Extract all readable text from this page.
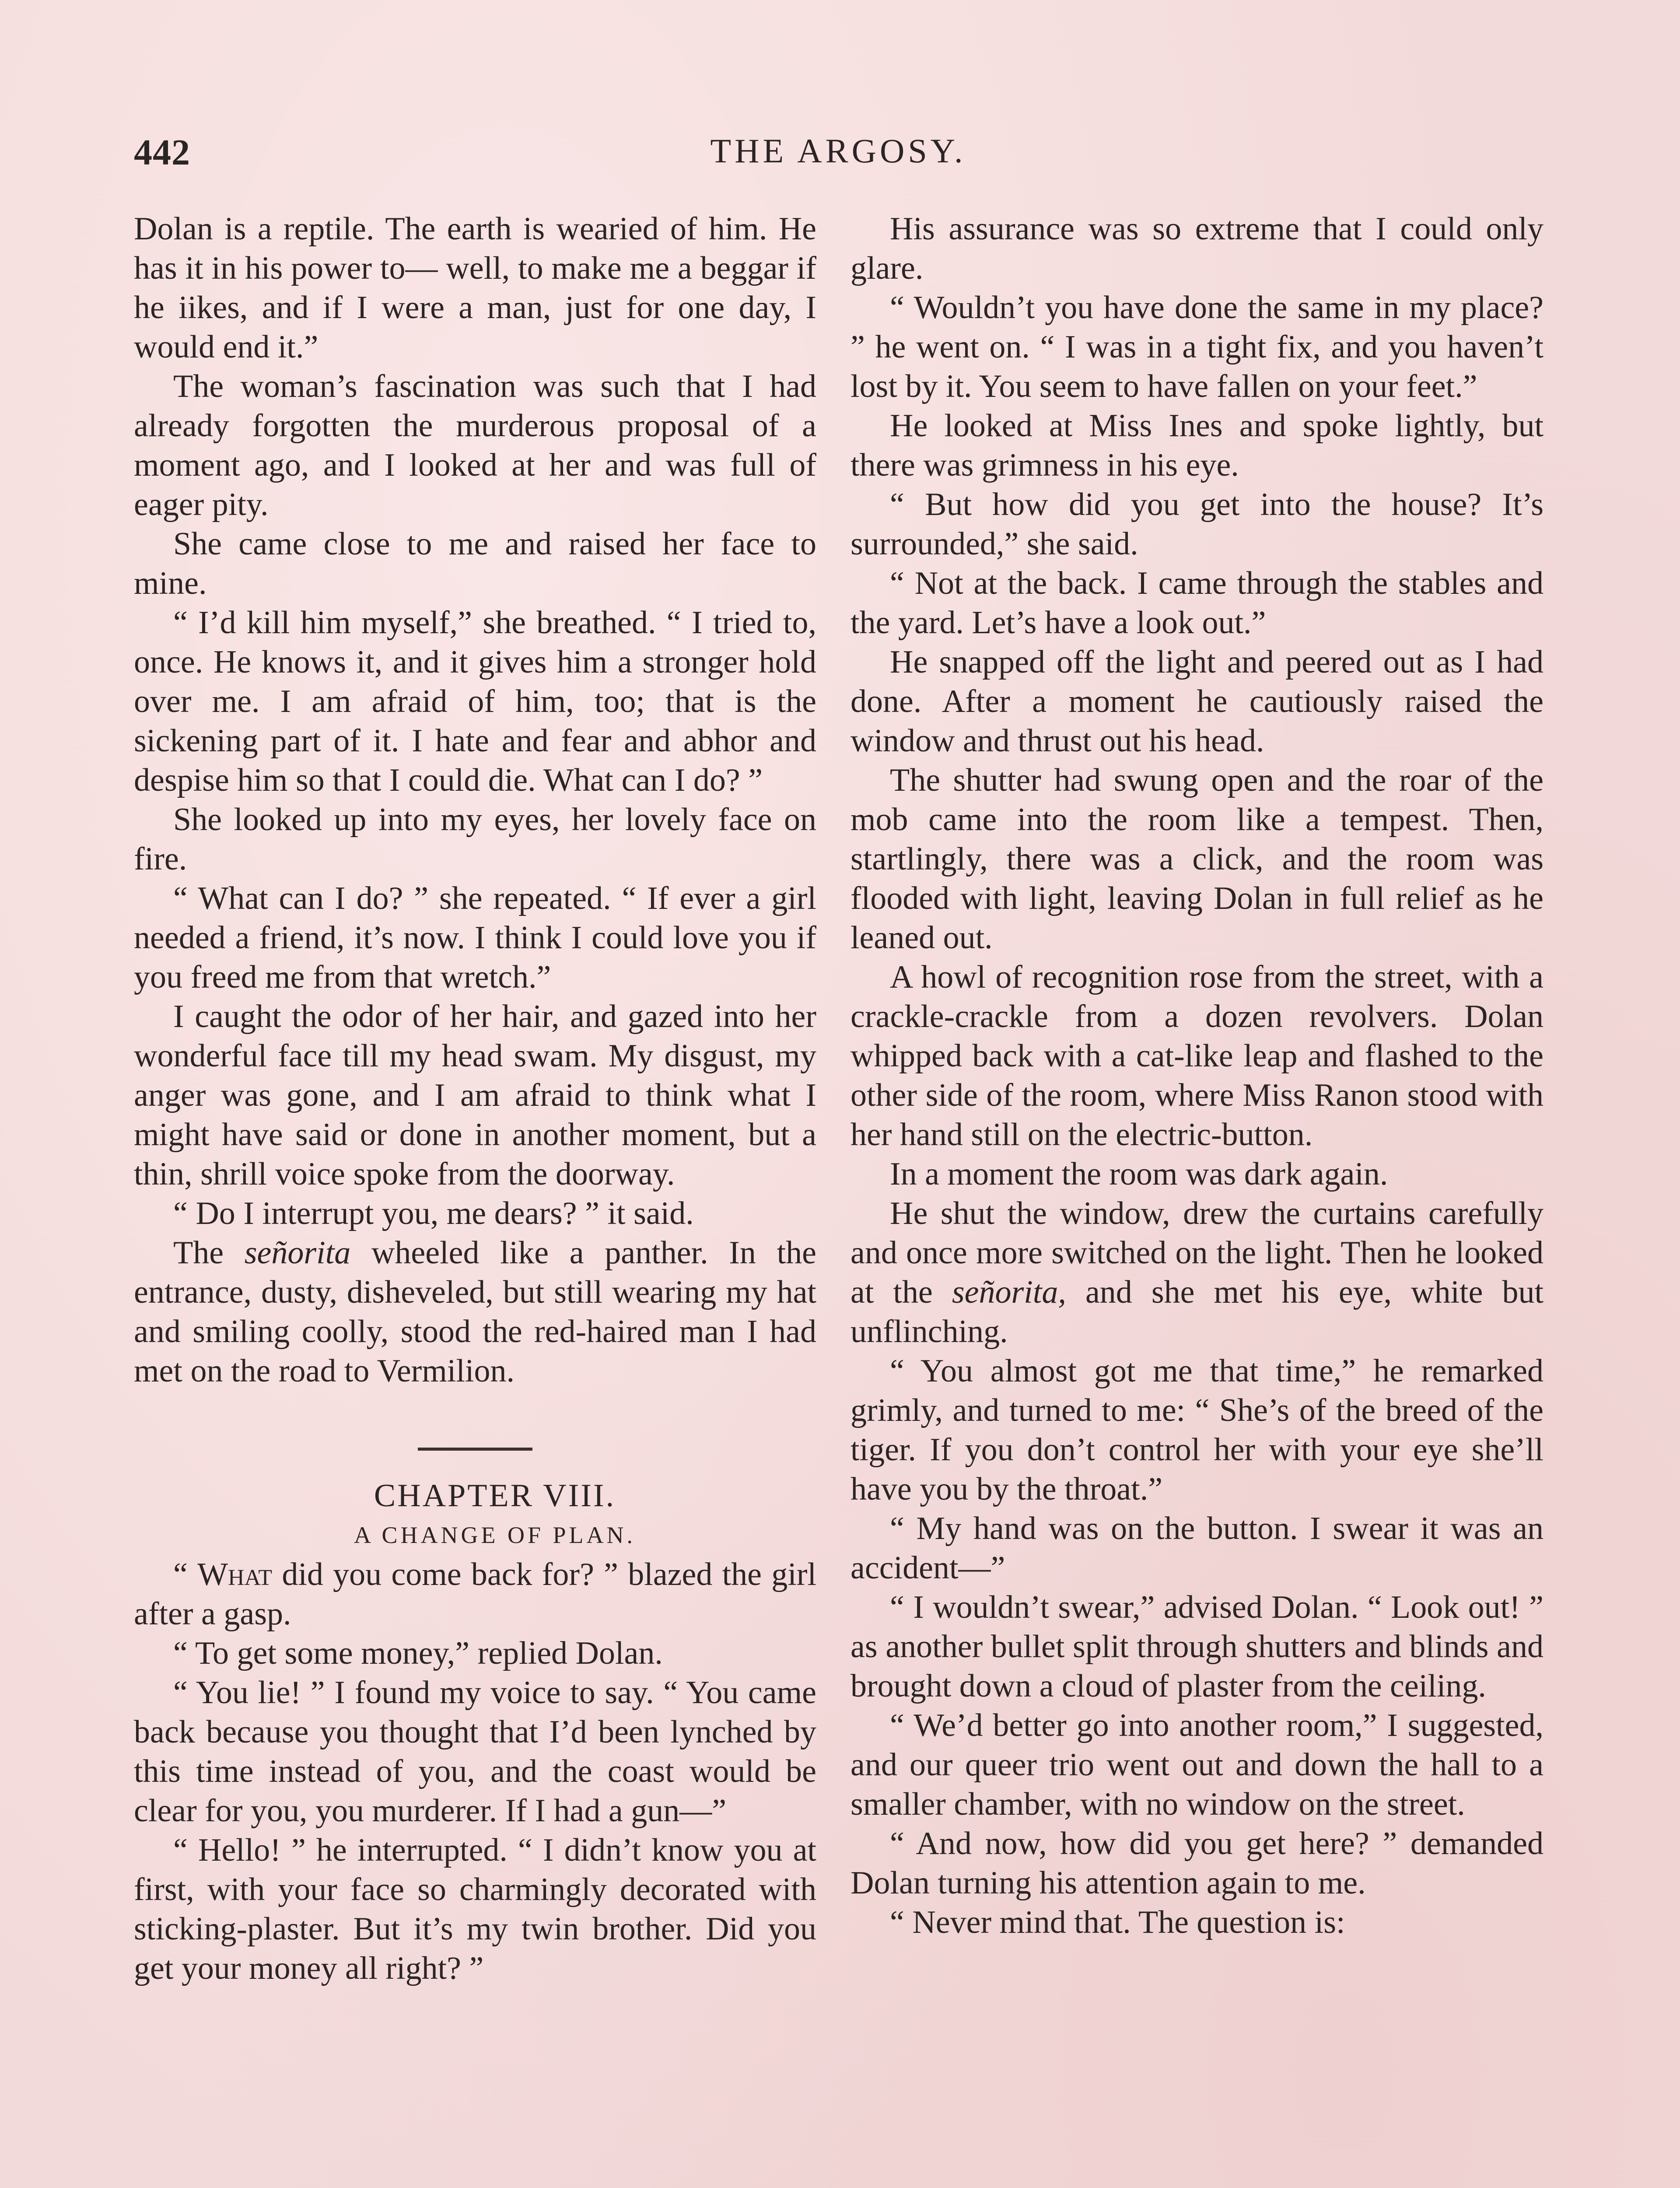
442	THE ARGOSY.

Dolan is a reptile. The earth is wearied of him. He has it in his power to— well, to make me a beggar if he iikes, and if I were a man, just for one day, I would end it.”

The woman’s fascination was such that I had already forgotten the murderous proposal of a moment ago, and I looked at her and was full of eager pity.

She came close to me and raised her face to mine.

“ I’d kill him myself,” she breathed. “ I tried to, once. He knows it, and it gives him a stronger hold over me. I am afraid of him, too; that is the sickening part of it. I hate and fear and abhor and despise him so that I could die. What can I do? ”

She looked up into my eyes, her lovely face on fire.

“ What can I do? ” she repeated. “ If ever a girl needed a friend, it’s now. I think I could love you if you freed me from that wretch.”

I caught the odor of her hair, and gazed into her wonderful face till my head swam. My disgust, my anger was gone, and I am afraid to think what I might have said or done in another moment, but a thin, shrill voice spoke from the doorway.

“ Do I interrupt you, me dears? ” it said.

The señorita wheeled like a panther. In the entrance, dusty, disheveled, but still wearing my hat and smiling coolly, stood the red-haired man I had met on the road to Vermilion.

CHAPTER VIII.

A CHANGE OF PLAN.

“ What did you come back for? ” blazed the girl after a gasp.

“ To get some money,” replied Dolan.

“ You lie! ” I found my voice to say. “ You came back because you thought that I’d been lynched by this time instead of you, and the coast would be clear for you, you murderer. If I had a gun—”

“ Hello! ” he interrupted. “ I didn’t know you at first, with your face so charmingly decorated with sticking-plaster. But it’s my twin brother. Did you get your money all right? ”

His assurance was so extreme that I could only glare.

“ Wouldn’t you have done the same in my place? ” he went on. “ I was in a tight fix, and you haven’t lost by it. You seem to have fallen on your feet.”

He looked at Miss Ines and spoke lightly, but there was grimness in his eye.

“ But how did you get into the house? It’s surrounded,” she said.

“ Not at the back. I came through the stables and the yard. Let’s have a look out.”

He snapped off the light and peered out as I had done. After a moment he cautiously raised the window and thrust out his head.

The shutter had swung open and the roar of the mob came into the room like a tempest. Then, startlingly, there was a click, and the room was flooded with light, leaving Dolan in full relief as he leaned out.

A howl of recognition rose from the street, with a crackle-crackle from a dozen revolvers. Dolan whipped back with a cat-like leap and flashed to the other side of the room, where Miss Ranon stood with her hand still on the electric-button.

In a moment the room was dark again.

He shut the window, drew the curtains carefully and once more switched on the light. Then he looked at the señorita, and she met his eye, white but unflinching.

“ You almost got me that time,” he remarked grimly, and turned to me: “ She’s of the breed of the tiger. If you don’t control her with your eye she’ll have you by the throat.”

“ My hand was on the button. I swear it was an accident—”

“ I wouldn’t swear,” advised Dolan. “ Look out! ” as another bullet split through shutters and blinds and brought down a cloud of plaster from the ceiling.

“ We’d better go into another room,” I suggested, and our queer trio went out and down the hall to a smaller chamber, with no window on the street.

“ And now, how did you get here? ” demanded Dolan turning his attention again to me.

“ Never mind that. The question is:
